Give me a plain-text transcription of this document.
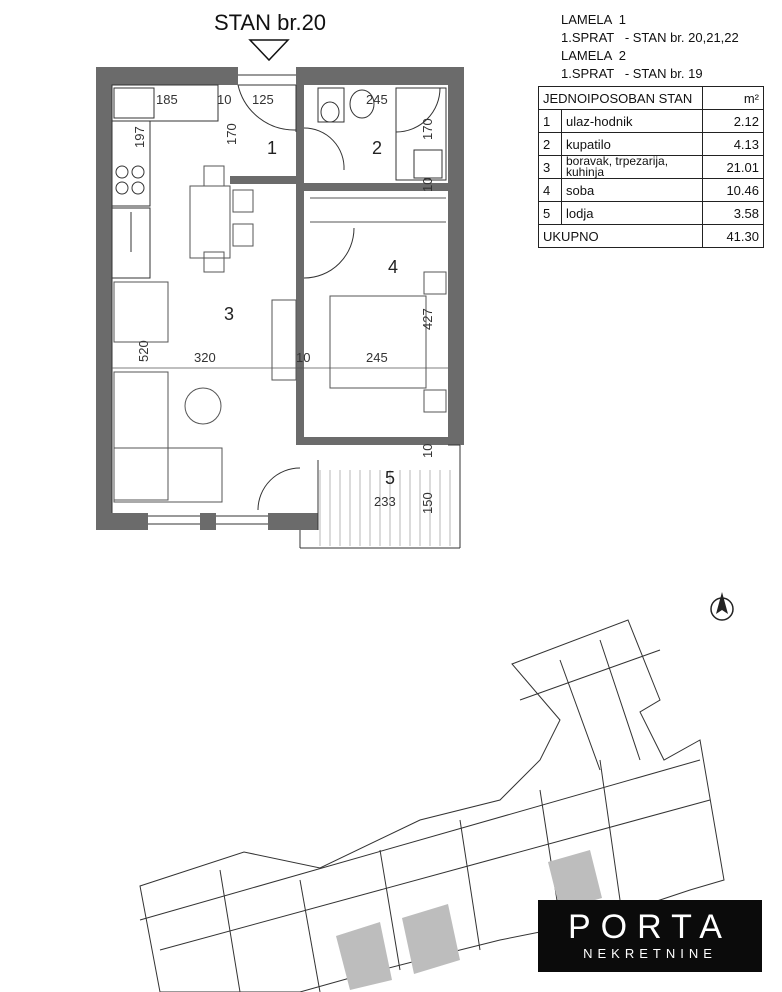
1	2
3
4
5
185	10 125	245
197	170	170
10
520	320	10	245
427
233 150
10
STAN br.20	LAMELA  1
1.SPRAT   - STAN br. 20,21,22
LAMELA  2
1.SPRAT   - STAN br. 19
JEDNOIPOSOBAN STAN		m²
1	ulaz-hodnik	2.12
2	kupatilo	4.13
3	boravak, trpezarija, kuhinja	21.01
4	soba	10.46
5	lodja	3.58
UKUPNO		41.30
PORTA
NEKRETNINE
